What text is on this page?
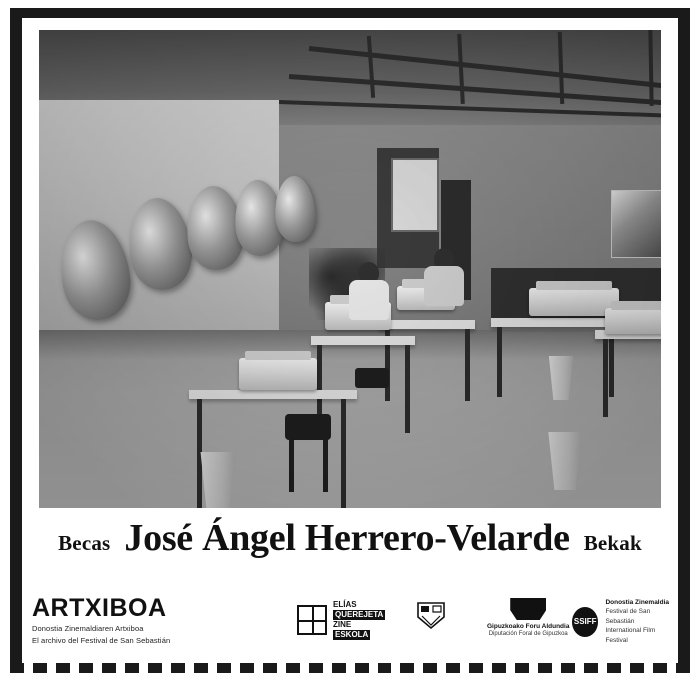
Becas José Ángel Herrero-Velarde Bekak
ARTXIBOA
Donostia Zinemaldiaren Artxiboa
El archivo del Festival de San Sebastián
ELÍAS
QUEREJETA
ZINE
ESKOLA
Gipuzkoako Foru Aldundia
Diputación Foral de Gipuzkoa
SSIFF
Donostia Zinemaldia
Festival de San Sebastián
International Film Festival
